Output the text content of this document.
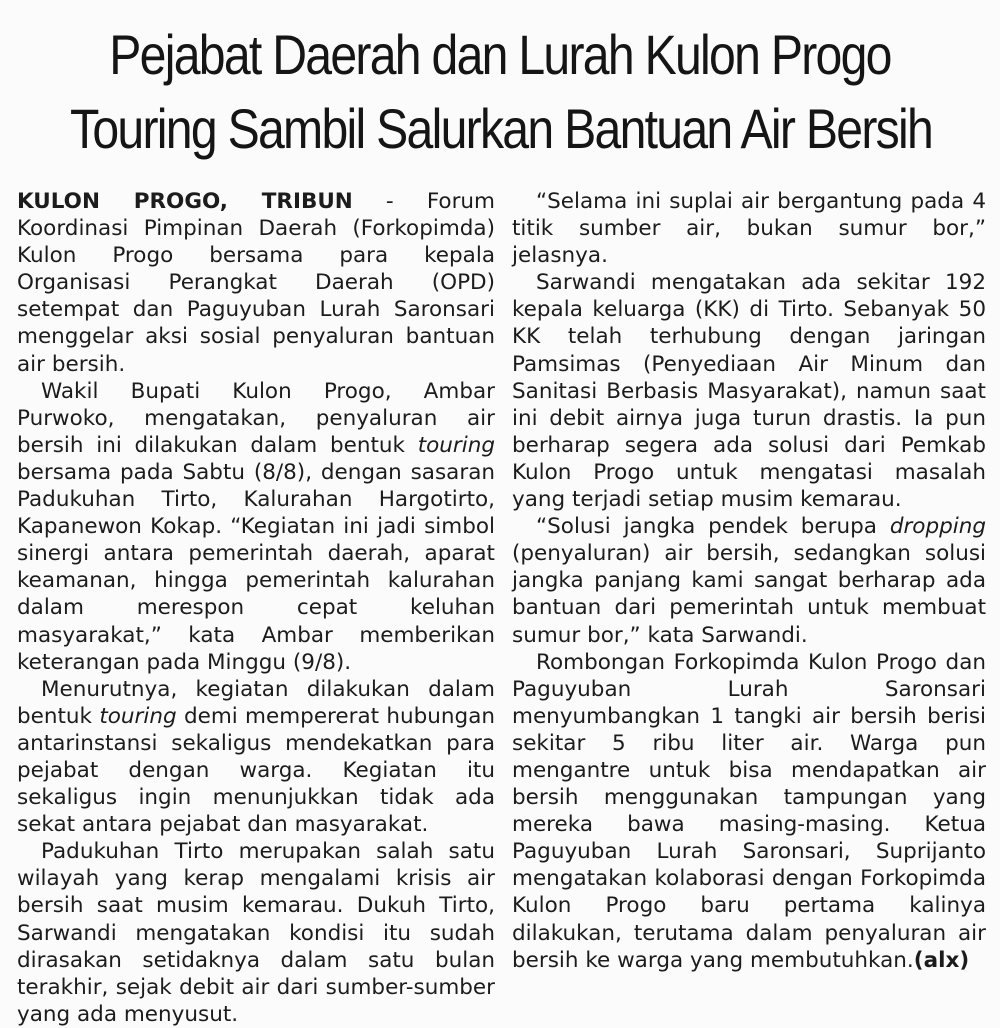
Pejabat Daerah dan Lurah Kulon Progo
Touring Sambil Salurkan Bantuan Air Bersih

KULON PROGO, TRIBUN - Forum Koordinasi Pimpinan Daerah (Forkopimda) Kulon Progo bersama para kepala Organisasi Perangkat Daerah (OPD) setempat dan Paguyuban Lurah Saronsari menggelar aksi sosial penyaluran bantuan air bersih.

Wakil Bupati Kulon Progo, Ambar Purwoko, mengatakan, penyaluran air bersih ini dilakukan dalam bentuk touring bersama pada Sabtu (8/8), dengan sasaran Padukuhan Tirto, Kalurahan Hargotirto, Kapanewon Kokap. “Kegiatan ini jadi simbol sinergi antara pemerintah daerah, aparat keamanan, hingga pemerintah kalurahan dalam merespon cepat keluhan masyarakat,” kata Ambar memberikan keterangan pada Minggu (9/8).

Menurutnya, kegiatan dilakukan dalam bentuk touring demi mempererat hubungan antarinstansi sekaligus mendekatkan para pejabat dengan warga. Kegiatan itu sekaligus ingin menunjukkan tidak ada sekat antara pejabat dan masyarakat.

Padukuhan Tirto merupakan salah satu wilayah yang kerap mengalami krisis air bersih saat musim kemarau. Dukuh Tirto, Sarwandi mengatakan kondisi itu sudah dirasakan setidaknya dalam satu bulan terakhir, sejak debit air dari sumber-sumber yang ada menyusut.

“Selama ini suplai air bergantung pada 4 titik sumber air, bukan sumur bor,” jelasnya.

Sarwandi mengatakan ada sekitar 192 kepala keluarga (KK) di Tirto. Sebanyak 50 KK telah terhubung dengan jaringan Pamsimas (Penyediaan Air Minum dan Sanitasi Berbasis Masyarakat), namun saat ini debit airnya juga turun drastis. Ia pun berharap segera ada solusi dari Pemkab Kulon Progo untuk mengatasi masalah yang terjadi setiap musim kemarau.

“Solusi jangka pendek berupa dropping (penyaluran) air bersih, sedangkan solusi jangka panjang kami sangat berharap ada bantuan dari pemerintah untuk membuat sumur bor,” kata Sarwandi.

Rombongan Forkopimda Kulon Progo dan Paguyuban Lurah Saronsari menyumbangkan 1 tangki air bersih berisi sekitar 5 ribu liter air. Warga pun mengantre untuk bisa mendapatkan air bersih menggunakan tampungan yang mereka bawa masing-masing. Ketua Paguyuban Lurah Saronsari, Suprijanto mengatakan kolaborasi dengan Forkopimda Kulon Progo baru pertama kalinya dilakukan, terutama dalam penyaluran air bersih ke warga yang membutuhkan.(alx)
